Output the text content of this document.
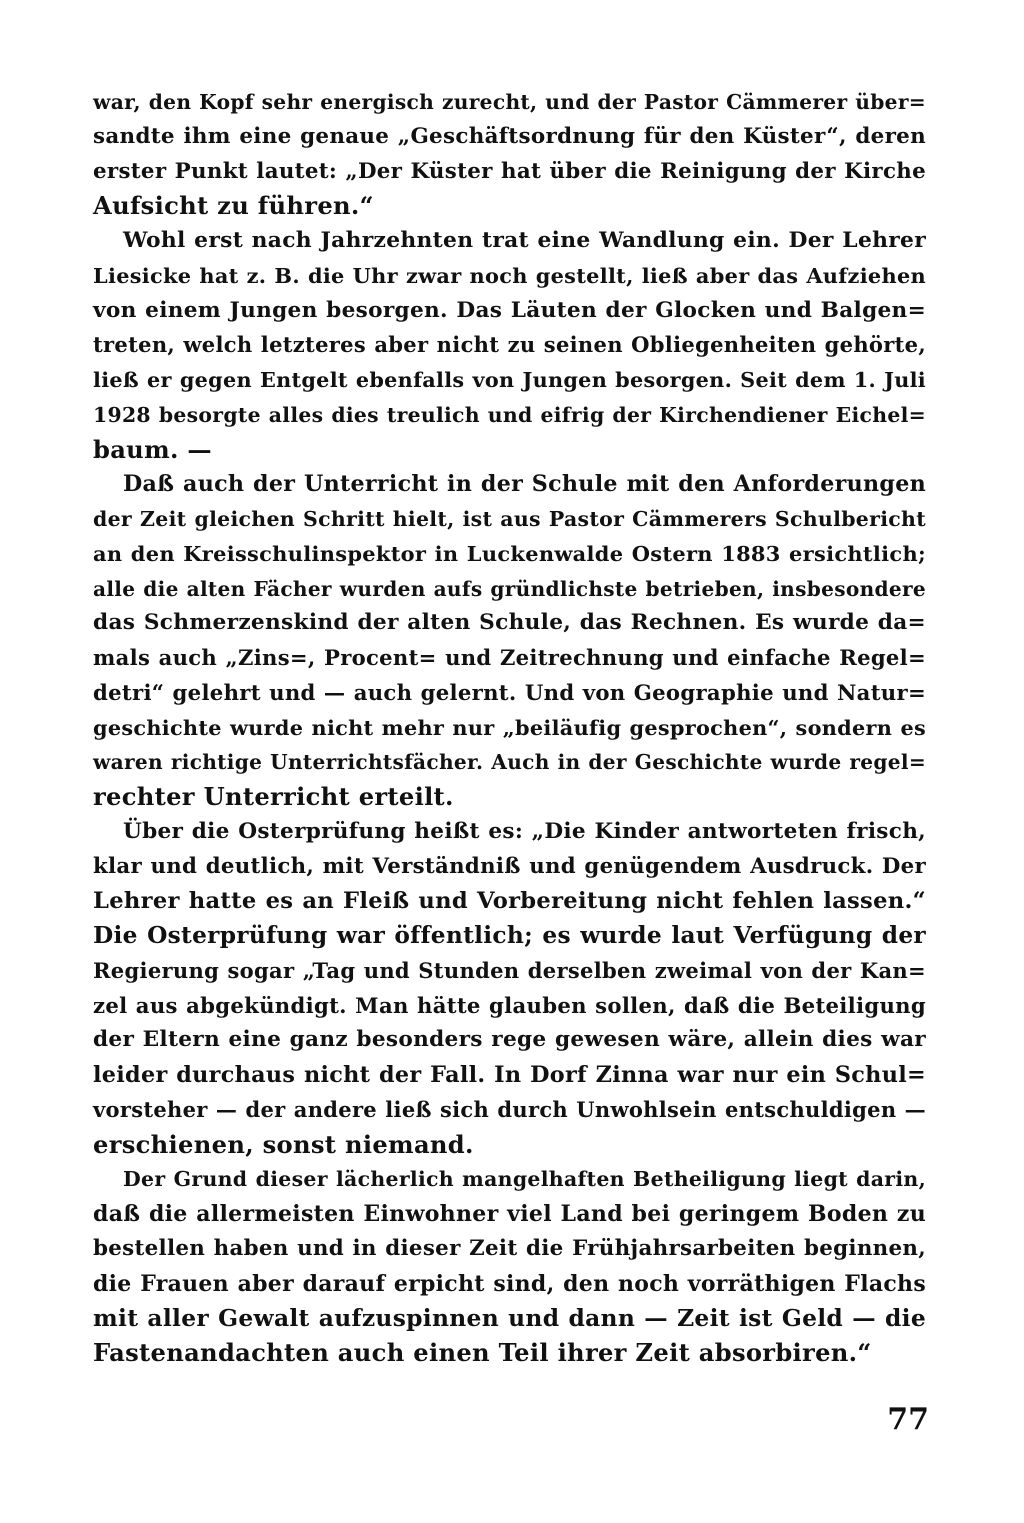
war, den Kopf sehr energisch zurecht, und der Pastor Cämmerer über=
sandte ihm eine genaue „Geschäftsordnung für den Küster“, deren
erster Punkt lautet: „Der Küster hat über die Reinigung der Kirche
Aufsicht zu führen.“
Wohl erst nach Jahrzehnten trat eine Wandlung ein. Der Lehrer
Liesicke hat z. B. die Uhr zwar noch gestellt, ließ aber das Aufziehen
von einem Jungen besorgen. Das Läuten der Glocken und Balgen=
treten, welch letzteres aber nicht zu seinen Obliegenheiten gehörte,
ließ er gegen Entgelt ebenfalls von Jungen besorgen. Seit dem 1. Juli
1928 besorgte alles dies treulich und eifrig der Kirchendiener Eichel=
baum. —
Daß auch der Unterricht in der Schule mit den Anforderungen
der Zeit gleichen Schritt hielt, ist aus Pastor Cämmerers Schulbericht
an den Kreisschulinspektor in Luckenwalde Ostern 1883 ersichtlich;
alle die alten Fächer wurden aufs gründlichste betrieben, insbesondere
das Schmerzenskind der alten Schule, das Rechnen. Es wurde da=
mals auch „Zins=, Procent= und Zeitrechnung und einfache Regel=
detri“ gelehrt und — auch gelernt. Und von Geographie und Natur=
geschichte wurde nicht mehr nur „beiläufig gesprochen“, sondern es
waren richtige Unterrichtsfächer. Auch in der Geschichte wurde regel=
rechter Unterricht erteilt.
Über die Osterprüfung heißt es: „Die Kinder antworteten frisch,
klar und deutlich, mit Verständniß und genügendem Ausdruck. Der
Lehrer hatte es an Fleiß und Vorbereitung nicht fehlen lassen.“
Die Osterprüfung war öffentlich; es wurde laut Verfügung der
Regierung sogar „Tag und Stunden derselben zweimal von der Kan=
zel aus abgekündigt. Man hätte glauben sollen, daß die Beteiligung
der Eltern eine ganz besonders rege gewesen wäre, allein dies war
leider durchaus nicht der Fall. In Dorf Zinna war nur ein Schul=
vorsteher — der andere ließ sich durch Unwohlsein entschuldigen —
erschienen, sonst niemand.
Der Grund dieser lächerlich mangelhaften Betheiligung liegt darin,
daß die allermeisten Einwohner viel Land bei geringem Boden zu
bestellen haben und in dieser Zeit die Frühjahrsarbeiten beginnen,
die Frauen aber darauf erpicht sind, den noch vorräthigen Flachs
mit aller Gewalt aufzuspinnen und dann — Zeit ist Geld — die
Fastenandachten auch einen Teil ihrer Zeit absorbiren.“
77
